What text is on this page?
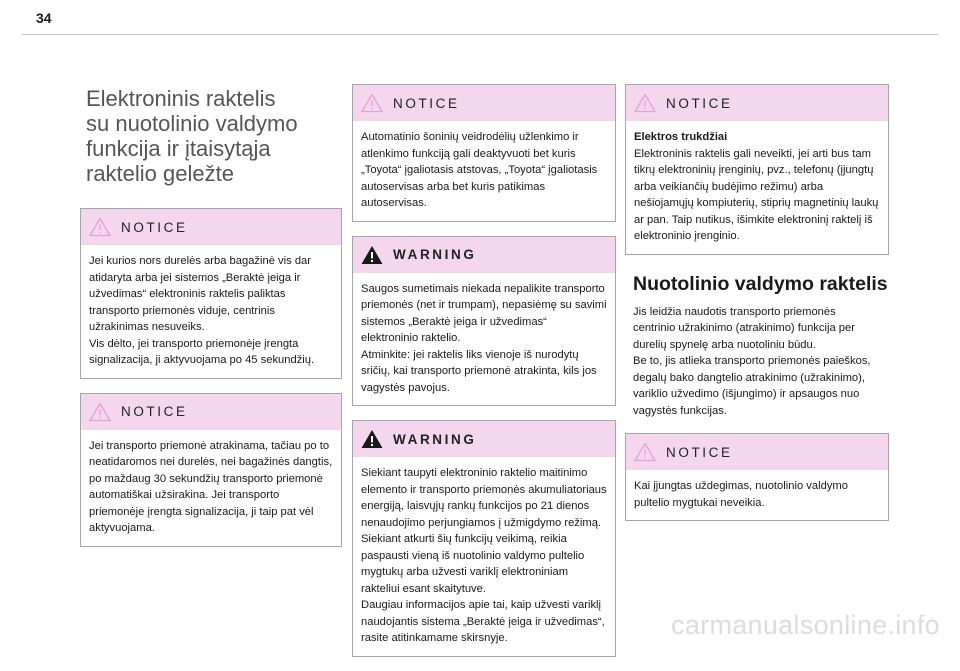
34
Elektroninis raktelis
su nuotolinio valdymo
funkcija ir įtaisytąja
raktelio geležte
NOTICE
Jei kurios nors durelės arba bagažinė vis dar atidaryta arba jei sistemos „Beraktė įeiga ir užvedimas“ elektroninis raktelis paliktas transporto priemonės viduje, centrinis užrakinimas nesuveiks.
Vis dėlto, jei transporto priemonėje įrengta signalizacija, ji aktyvuojama po 45 sekundžių.
NOTICE
Jei transporto priemonė atrakinama, tačiau po to neatidaromos nei durelės, nei bagažinės dangtis, po maždaug 30 sekundžių transporto priemonė automatiškai užsirakina. Jei transporto priemonėje įrengta signalizacija, ji taip pat vėl aktyvuojama.
NOTICE
Automatinio šoninių veidrodėlių užlenkimo ir atlenkimo funkciją gali deaktyvuoti bet kuris „Toyota“ įgaliotasis atstovas, „Toyota“ įgaliotasis autoservisas arba bet kuris patikimas autoservisas.
WARNING
Saugos sumetimais niekada nepalikite transporto priemonės (net ir trumpam), nepasiėmę su savimi sistemos „Beraktė įeiga ir užvedimas“ elektroninio raktelio.
Atminkite: jei raktelis liks vienoje iš nurodytų sričių, kai transporto priemonė atrakinta, kils jos vagystės pavojus.
WARNING
Siekiant taupyti elektroninio raktelio maitinimo elemento ir transporto priemonės akumuliatoriaus energiją, laisvųjų rankų funkcijos po 21 dienos nenaudojimo perjungiamos į užmigdymo režimą. Siekiant atkurti šių funkcijų veikimą, reikia paspausti vieną iš nuotolinio valdymo pultelio mygtukų arba užvesti variklį elektroniniam rakteliui esant skaitytuve.
Daugiau informacijos apie tai, kaip užvesti variklį naudojantis sistema „Beraktė įeiga ir užvedimas“, rasite atitinkamame skirsnyje.
NOTICE
Elektros trukdžiai
Elektroninis raktelis gali neveikti, jei arti bus tam tikrų elektroninių įrenginių, pvz., telefonų (įjungtų arba veikiančių budėjimo režimu) arba nešiojamųjų kompiuterių, stiprių magnetinių laukų ar pan. Taip nutikus, išimkite elektroninį raktelį iš elektroninio įrenginio.
Nuotolinio valdymo raktelis
Jis leidžia naudotis transporto priemonės centrinio užrakinimo (atrakinimo) funkcija per durelių spynelę arba nuotoliniu būdu.
Be to, jis atlieka transporto priemonės paieškos, degalų bako dangtelio atrakinimo (užrakinimo), variklio užvedimo (išjungimo) ir apsaugos nuo vagystės funkcijas.
NOTICE
Kai įjungtas uždegimas, nuotolinio valdymo pultelio mygtukai neveikia.
carmanualsonline.info
